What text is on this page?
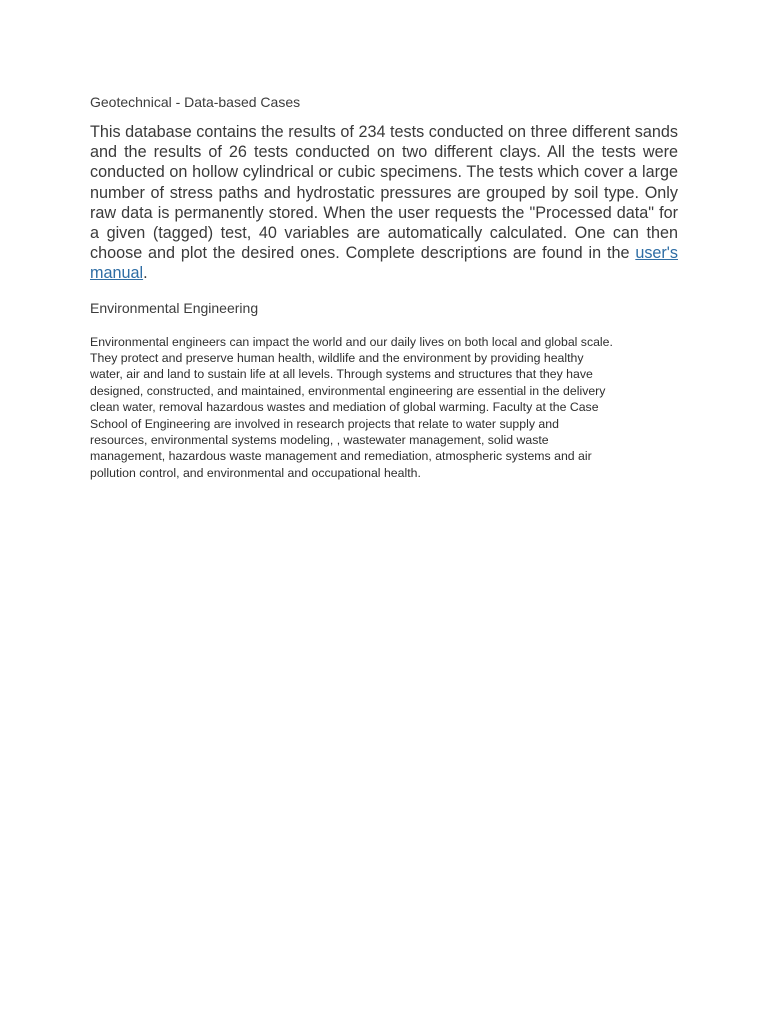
Geotechnical - Data-based Cases

This database contains the results of 234 tests conducted on three different sands and the results of 26 tests conducted on two different clays. All the tests were conducted on hollow cylindrical or cubic specimens. The tests which cover a large number of stress paths and hydrostatic pressures are grouped by soil type. Only raw data is permanently stored. When the user requests the "Processed data" for a given (tagged) test, 40 variables are automatically calculated. One can then choose and plot the desired ones. Complete descriptions are found in the user's manual.

Environmental Engineering

Environmental engineers can impact the world and our daily lives on both local and global scale.
They protect and preserve human health, wildlife and the environment by providing healthy
water, air and land to sustain life at all levels. Through systems and structures that they have
designed, constructed, and maintained, environmental engineering are essential in the delivery
clean water, removal hazardous wastes and mediation of global warming. Faculty at the Case
School of Engineering are involved in research projects that relate to water supply and
resources, environmental systems modeling, , wastewater management, solid waste
management, hazardous waste management and remediation, atmospheric systems and air
pollution control, and environmental and occupational health.
